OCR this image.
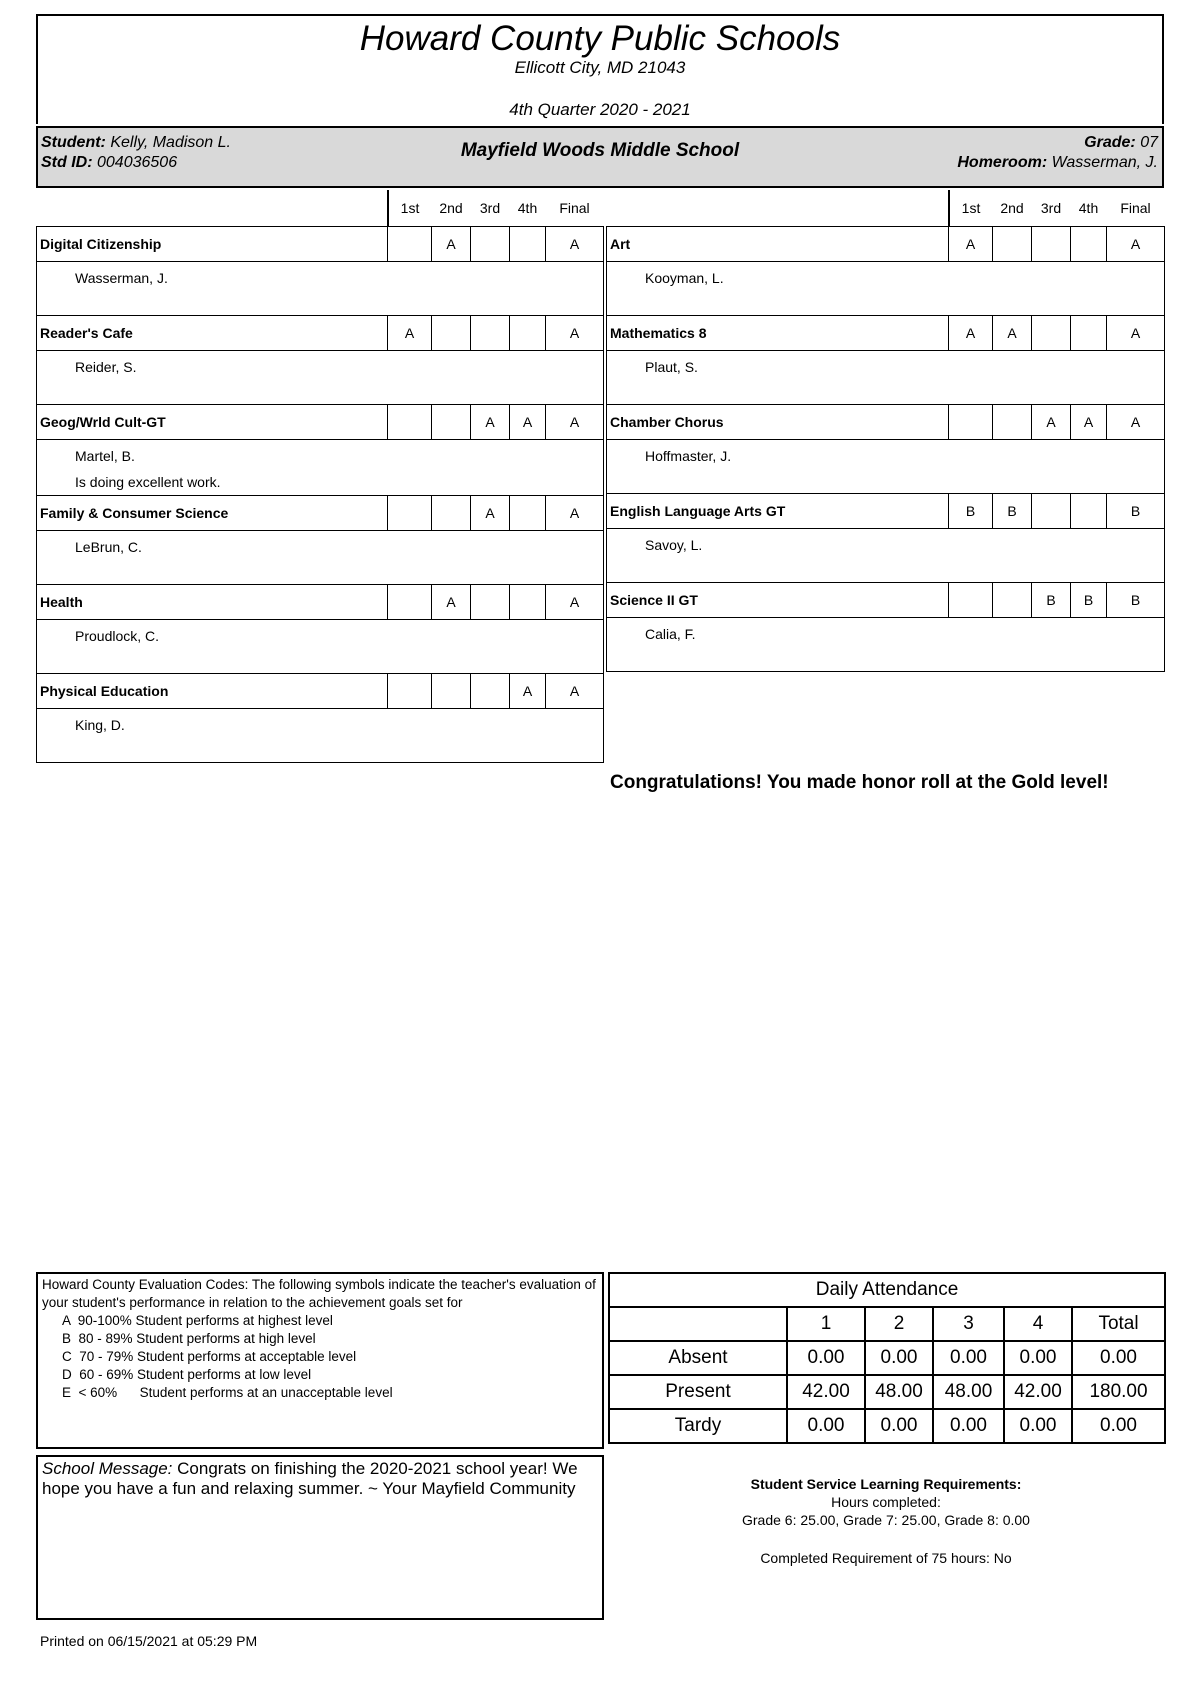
Howard County Public Schools
Ellicott City, MD 21043
4th Quarter 2020 - 2021
Student: Kelly, Madison L.
Std ID: 004036506
Mayfield Woods Middle School	Grade: 07
Homeroom: Wasserman, J.
	1st	2nd	3rd	4th	Final
Digital Citizenship		A			A

Wasserman, J.					

Reader's Cafe	A				A

Reider, S.					

Geog/Wrld Cult-GT			A	A	A

Martel, B.
Is doing excellent work.					

Family & Consumer Science			A		A

LeBrun, C.					

Health		A			A

Proudlock, C.					

Physical Education				A	A

King, D.					
	1st	2nd	3rd	4th	Final
Art	A				A

Kooyman, L.					

Mathematics 8	A	A			A

Plaut, S.					

Chamber Chorus			A	A	A

Hoffmaster, J.					

English Language Arts GT	B	B			B

Savoy, L.					

Science II GT			B	B	B

Calia, F.					
Congratulations! You made honor roll at the Gold level!
Howard County Evaluation Codes: The following symbols indicate the teacher's evaluation of your student's performance in relation to the achievement goals set for
A  90-100% Student performs at highest level
B  80 - 89% Student performs at high level
C  70 - 79% Student performs at acceptable level
D  60 - 69% Student performs at low level
E  < 60%      Student performs at an unacceptable level
School Message: Congrats on finishing the 2020-2021 school year! We hope you have a fun and relaxing summer. ~ Your Mayfield Community
Daily Attendance					
	1	2	3	4	Total
Absent	0.00	0.00	0.00	0.00	0.00
Present	42.00	48.00	48.00	42.00	180.00
Tardy	0.00	0.00	0.00	0.00	0.00
Student Service Learning Requirements:
Hours completed:
Grade 6: 25.00, Grade 7: 25.00, Grade 8: 0.00
Completed Requirement of 75 hours: No
Printed on 06/15/2021 at 05:29 PM
